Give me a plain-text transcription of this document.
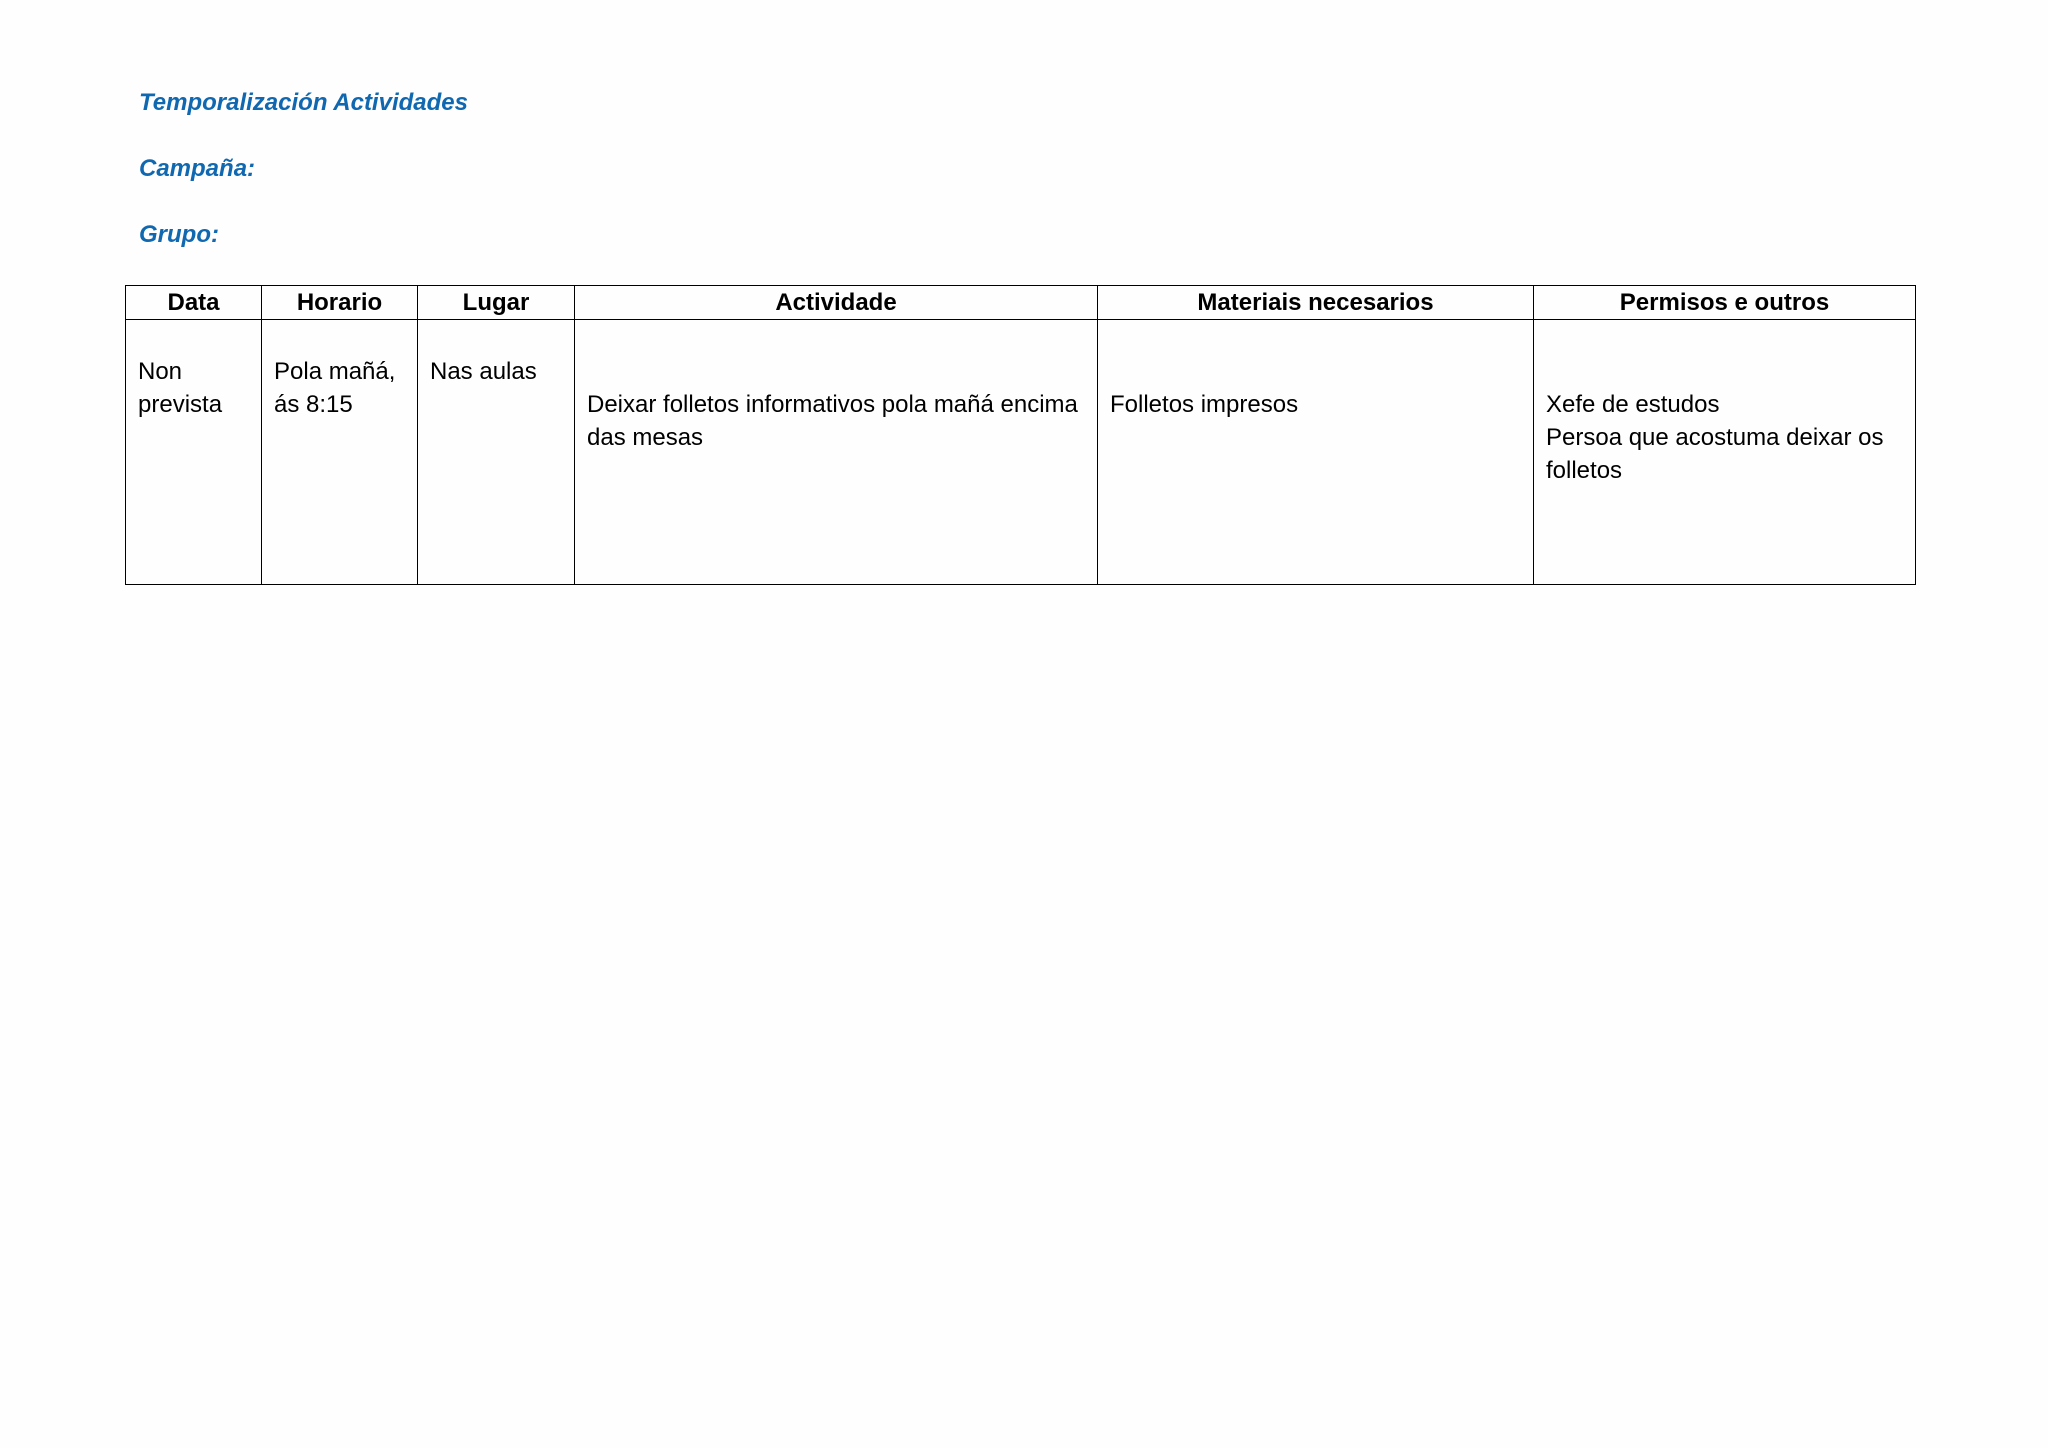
Temporalización Actividades

Campaña:

Grupo:

Data	Horario	Lugar	Actividade	Materiais necesarios	Permisos e outros

Non prevista	Pola mañá, ás 8:15	Nas aulas	Deixar folletos informativos pola mañá encima das mesas	Folletos impresos	Xefe de estudos
Persoa que acostuma deixar os folletos
